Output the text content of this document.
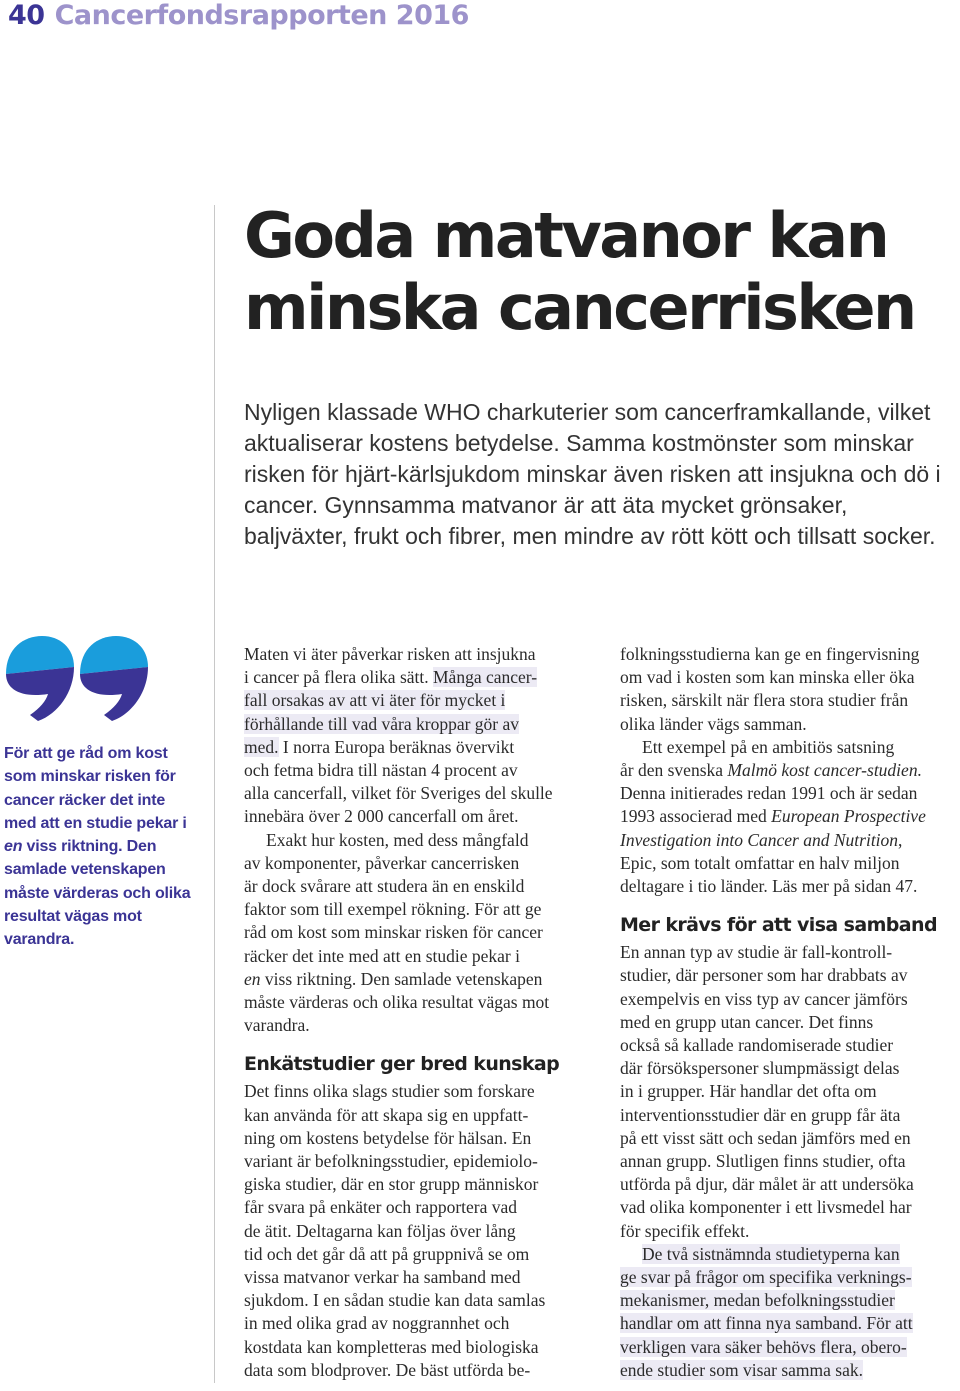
40 Cancerfondsrapporten 2016
Goda matvanor kan minska cancerrisken

Nyligen klassade WHO charkuterier som cancerframkallande, vilket aktualiserar kostens betydelse. Samma kostmönster som minskar risken för hjärt-kärlsjukdom minskar även risken att insjukna och dö i cancer. Gynnsamma matvanor är att äta mycket grönsaker, baljväxter, frukt och fibrer, men mindre av rött kött och tillsatt socker.

För att ge råd om kost som minskar risken för cancer räcker det inte med att en studie pekar i en viss riktning. Den samlade vetenskapen måste värderas och olika resultat vägas mot varandra.

Maten vi äter påverkar risken att insjukna
i cancer på flera olika sätt. Många cancer-
fall orsakas av att vi äter för mycket i
förhållande till vad våra kroppar gör av
med. I norra Europa beräknas övervikt
och fetma bidra till nästan 4 procent av
alla cancerfall, vilket för Sveriges del skulle
innebära över 2 000 cancerfall om året.

Exakt hur kosten, med dess mångfald
av komponenter, påverkar cancerrisken
är dock svårare att studera än en enskild
faktor som till exempel rökning. För att ge
råd om kost som minskar risken för cancer
räcker det inte med att en studie pekar i
en viss riktning. Den samlade vetenskapen
måste värderas och olika resultat vägas mot
varandra.

Enkätstudier ger bred kunskap

Det finns olika slags studier som forskare
kan använda för att skapa sig en uppfatt-
ning om kostens betydelse för hälsan. En
variant är befolkningsstudier, epidemiolo-
giska studier, där en stor grupp människor
får svara på enkäter och rapportera vad
de ätit. Deltagarna kan följas över lång
tid och det går då att på gruppnivå se om
vissa matvanor verkar ha samband med
sjukdom. I en sådan studie kan data samlas
in med olika grad av noggrannhet och
kostdata kan kompletteras med biologiska
data som blodprover. De bäst utförda be-

folkningsstudierna kan ge en fingervisning
om vad i kosten som kan minska eller öka
risken, särskilt när flera stora studier från
olika länder vägs samman.

Ett exempel på en ambitiös satsning
år den svenska Malmö kost cancer-studien.
Denna initierades redan 1991 och är sedan
1993 associerad med European Prospective
Investigation into Cancer and Nutrition,
Epic, som totalt omfattar en halv miljon
deltagare i tio länder. Läs mer på sidan 47.

Mer krävs för att visa samband

En annan typ av studie är fall-kontroll-
studier, där personer som har drabbats av
exempelvis en viss typ av cancer jämförs
med en grupp utan cancer. Det finns
också så kallade randomiserade studier
där försökspersoner slumpmässigt delas
in i grupper. Här handlar det ofta om
interventionsstudier där en grupp får äta
på ett visst sätt och sedan jämförs med en
annan grupp. Slutligen finns studier, ofta
utförda på djur, där målet är att undersöka
vad olika komponenter i ett livsmedel har
för specifik effekt.

De två sistnämnda studietyperna kan
ge svar på frågor om specifika verknings-
mekanismer, medan befolkningsstudier
handlar om att finna nya samband. För att
verkligen vara säker behövs flera, obero-
ende studier som visar samma sak.
